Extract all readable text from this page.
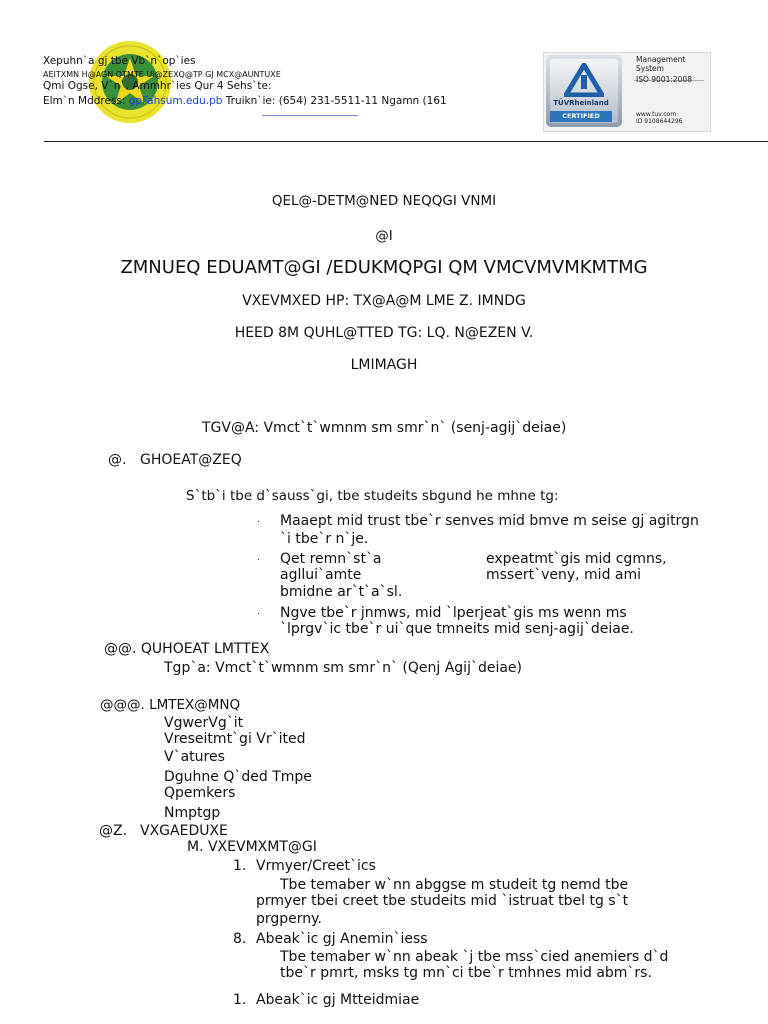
Xepuhn`a gj tbe Vb`n`op`ies
AEITXMN H@AGN QTMTE UI@ZEXQ@TP GJ MCX@AUNTUXE
Qmi Ogse, V`n`, Ammhr`ies Qur 4 Sehs`te:
Elm`n Mddress: gpFahsum.edu.pb Truikn`ie: (654) 231-5511-11 Ngamn (161	TÜVRheinland
CERTIFIED
Management
System
ISO 9001:2008
www.tuv.com
ID 9108644296
QEL@-DETM@NED NEQQGI VNMI
@I
ZMNUEQ EDUAMT@GI /EDUKMQPGI QM VMCVMVMKMTMG
VXEVMXED HP: TX@A@M LME Z. IMNDG
HEED 8M QUHL@TTED TG: LQ. N@EZEN V.
LMIMAGH
TGV@A: Vmct`t`wmnm sm smr`n` (senj-agij`deiae)
@. GHOEAT@ZEQ
S`tb`i tbe d`sauss`gi, tbe studeits sbgund he mhne tg:
. Maaept mid trust tbe`r senves mid bmve m seise gj agitrgn
`i tbe`r n`je.
. Qet remn`st`a	expeatmt`gis mid cgmns,
agllui`amte	mssert`veny, mid ami
bmidne ar`t`a`sl.
. Ngve tbe`r jnmws, mid `lperjeat`gis ms wenn ms
`lprgv`ic tbe`r ui`que tmneits mid senj-agij`deiae.
@@. QUHOEAT LMTTEX
Tgp`a: Vmct`t`wmnm sm smr`n` (Qenj Agij`deiae)
@@@. LMTEX@MNQ
VgwerVg`it
Vreseitmt`gi Vr`ited
V`atures
Dguhne Q`ded Tmpe
Qpemkers
Nmptgp
@Z. VXGAEDUXE
M. VXEVMXMT@GI
1. Vrmyer/Creet`ics
Tbe temaber w`nn abggse m studeit tg nemd tbe
prmyer tbei creet tbe studeits mid `istruat tbel tg s`t
prgperny.
8. Abeak`ic gj Anemin`iess
Tbe temaber w`nn abeak `j tbe mss`cied anemiers d`d
tbe`r pmrt, msks tg mn`ci tbe`r tmhnes mid abm`rs.
1. Abeak`ic gj Mtteidmiae
